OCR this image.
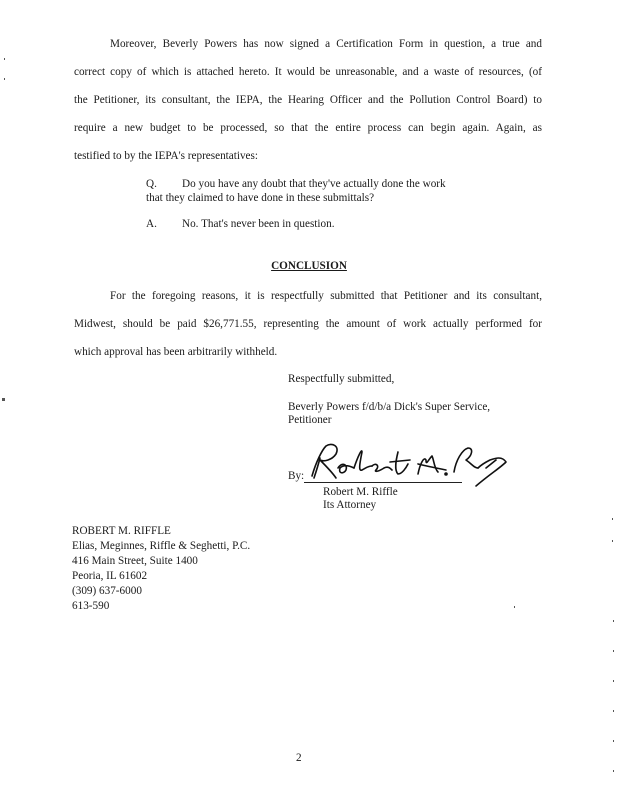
Moreover, Beverly Powers has now signed a Certification Form in question, a true and
correct copy of which is attached hereto. It would be unreasonable, and a waste of resources, (of
the Petitioner, its consultant, the IEPA, the Hearing Officer and the Pollution Control Board) to
require a new budget to be processed, so that the entire process can begin again. Again, as
testified to by the IEPA's representatives:
Q. Do you have any doubt that they've actually done the work
that they claimed to have done in these submittals?
A. No. That's never been in question.
CONCLUSION
For the foregoing reasons, it is respectfully submitted that Petitioner and its consultant,
Midwest, should be paid $26,771.55, representing the amount of work actually performed for
which approval has been arbitrarily withheld.
Respectfully submitted,
Beverly Powers f/d/b/a Dick's Super Service,
Petitioner
By:
Robert M. Riffle
Its Attorney
ROBERT M. RIFFLE
Elias, Meginnes, Riffle & Seghetti, P.C.
416 Main Street, Suite 1400
Peoria, IL 61602
(309) 637-6000
613-590
2
